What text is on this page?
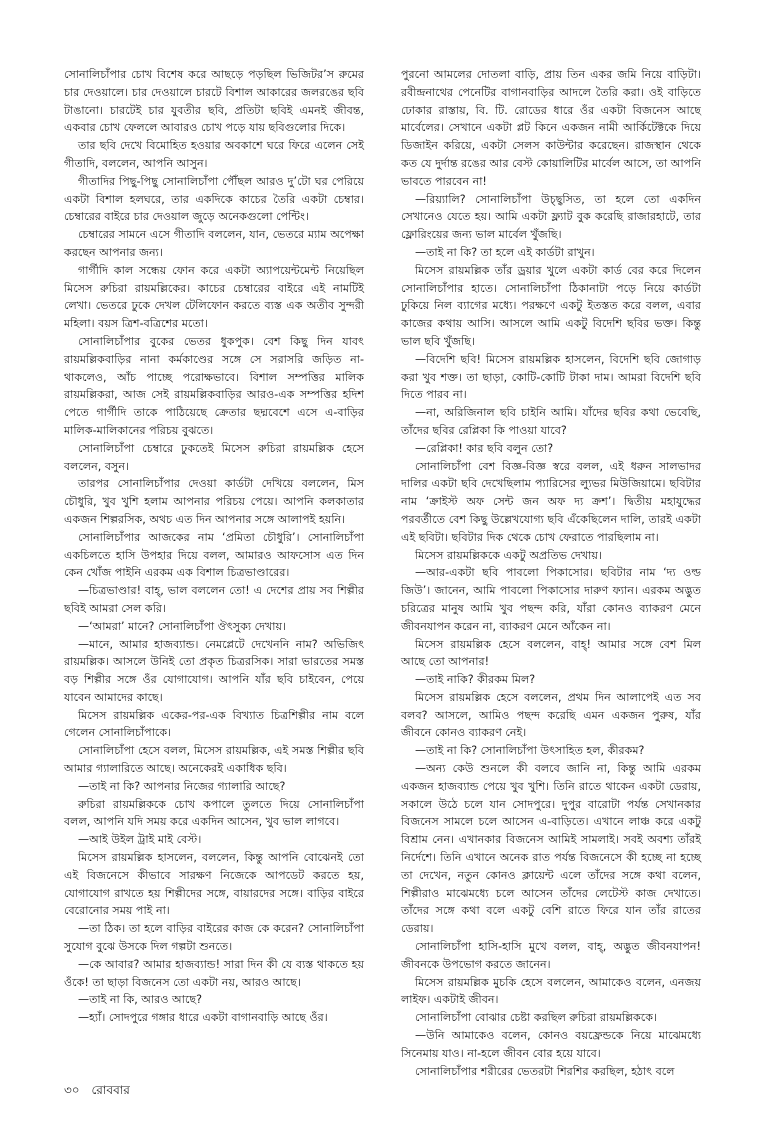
সোনালিচাঁপার চোখ বিশেষ করে আছড়ে পড়ছিল ভিজিটর’স রুমের চার দেওয়ালে। চার দেওয়ালে চারটে বিশাল আকারের জলরঙের ছবি টাঙানো। চারটেই চার যুবতীর ছবি, প্রতিটা ছবিই এমনই জীবন্ত, একবার চোখ ফেললে আবারও চোখ পড়ে যায় ছবিগুলোর দিকে।

তার ছবি দেখে বিমোহিত হওয়ার অবকাশে ঘরে ফিরে এলেন সেই গীতাদি, বললেন, আপনি আসুন।

গীতাদির পিছু-পিছু সোনালিচাঁপা পৌঁছল আরও দু’টো ঘর পেরিয়ে একটা বিশাল হলঘরে, তার একদিকে কাচের তৈরি একটা চেম্বার। চেম্বারের বাইরে চার দেওয়াল জুড়ে অনেকগুলো পেন্টিং।

চেম্বারের সামনে এসে গীতাদি বললেন, যান, ভেতরে ম্যাম অপেক্ষা করছেন আপনার জন্য।

গার্গীদি কাল সন্ধেয় ফোন করে একটা অ্যাপয়েন্টমেন্ট নিয়েছিল মিসেস রুচিরা রায়মল্লিকের। কাচের চেম্বারের বাইরে এই নামটিই লেখা। ভেতরে ঢুকে দেখল টেলিফোন করতে ব্যস্ত এক অতীব সুন্দরী মহিলা। বয়স ত্রিশ-বত্রিশের মতো।

সোনালিচাঁপার বুকের ভেতর ধুকপুক। বেশ কিছু দিন যাবৎ রায়মল্লিকবাড়ির নানা কর্মকাণ্ডের সঙ্গে সে সরাসরি জড়িত না-থাকলেও, আঁচ পাচ্ছে পরোক্ষভাবে। বিশাল সম্পত্তির মালিক রায়মল্লিকরা, আজ সেই রায়মল্লিকবাড়ির আরও-এক সম্পত্তির হদিশ পেতে গার্গীদি তাকে পাঠিয়েছে ক্রেতার ছদ্মবেশে এসে এ-বাড়ির মালিক-মালিকানের পরিচয় বুঝতে।

সোনালিচাঁপা চেম্বারে ঢুকতেই মিসেস রুচিরা রায়মল্লিক হেসে বললেন, বসুন।

তারপর সোনালিচাঁপার দেওয়া কার্ডটা দেখিয়ে বললেন, মিস চৌধুরি, খুব খুশি হলাম আপনার পরিচয় পেয়ে। আপনি কলকাতার একজন শিল্পরসিক, অথচ এত দিন আপনার সঙ্গে আলাপই হয়নি।

সোনালিচাঁপার আজকের নাম ‘প্রমিতা চৌধুরি’। সোনালিচাঁপা একচিলতে হাসি উপহার দিয়ে বলল, আমারও আফসোস এত দিন কেন খোঁজ পাইনি এরকম এক বিশাল চিত্রভাণ্ডারের।

—চিত্রভাণ্ডার! বাহ্, ভাল বললেন তো! এ দেশের প্রায় সব শিল্পীর ছবিই আমরা সেল করি।

—‘আমরা’ মানে? সোনালিচাঁপা ঔৎসুক্য দেখায়।

—মানে, আমার হাজব্যান্ড। নেমপ্লেটে দেখেননি নাম? অভিজিৎ রায়মল্লিক। আসলে উনিই তো প্রকৃত চিত্ররসিক। সারা ভারতের সমস্ত বড় শিল্পীর সঙ্গে ওঁর যোগাযোগ। আপনি যাঁর ছবি চাইবেন, পেয়ে যাবেন আমাদের কাছে।

মিসেস রায়মল্লিক একের-পর-এক বিখ্যাত চিত্রশিল্পীর নাম বলে গেলেন সোনালিচাঁপাকে।

সোনালিচাঁপা হেসে বলল, মিসেস রায়মল্লিক, এই সমস্ত শিল্পীর ছবি আমার গ্যালারিতে আছে। অনেকেরই একাধিক ছবি।

—তাই না কি? আপনার নিজের গ্যালারি আছে?

রুচিরা রায়মল্লিককে চোখ কপালে তুলতে দিয়ে সোনালিচাঁপা বলল, আপনি যদি সময় করে একদিন আসেন, খুব ভাল লাগবে।

—আই উইল ট্রাই মাই বেস্ট।

মিসেস রায়মল্লিক হাসলেন, বললেন, কিন্তু আপনি বোঝেনই তো এই বিজনেসে কীভাবে সারক্ষণ নিজেকে আপডেট করতে হয়, যোগাযোগ রাখতে হয় শিল্পীদের সঙ্গে, বায়ারদের সঙ্গে। বাড়ির বাইরে বেরোনোর সময় পাই না।

—তা ঠিক। তা হলে বাড়ির বাইরের কাজ কে করেন? সোনালিচাঁপা সুযোগ বুঝে উসকে দিল গল্পটা শুনতে।

—কে আবার? আমার হাজব্যান্ড! সারা দিন কী যে ব্যস্ত থাকতে হয় ওঁকে! তা ছাড়া বিজনেস তো একটা নয়, আরও আছে।

—তাই না কি, আরও আছে?

—হ্যাঁ। সোদপুরে গঙ্গার ধারে একটা বাগানবাড়ি আছে ওঁর।

পুরনো আমলের দোতলা বাড়ি, প্রায় তিন একর জমি নিয়ে বাড়িটা। রবীন্দ্রনাথের পেনেটির বাগানবাড়ির আদলে তৈরি করা। ওই বাড়িতে ঢোকার রাস্তায়, বি. টি. রোডের ধারে ওঁর একটা বিজনেস আছে মার্বেলের। সেখানে একটা প্লট কিনে একজন নামী আর্কিটেক্টকে দিয়ে ডিজাইন করিয়ে, একটা সেলস কাউন্টার করেছেন। রাজস্থান থেকে কত যে দুর্দান্ত রঙের আর বেস্ট কোয়ালিটির মার্বেল আসে, তা আপনি ভাবতে পারবেন না!

—রিয়্যালি? সোনালিচাঁপা উচ্ছ্বসিত, তা হলে তো একদিন সেখানেও যেতে হয়। আমি একটা ফ্ল্যাট বুক করেছি রাজারহাটে, তার ফ্লোরিংয়ের জন্য ভাল মার্বেল খুঁজছি।

—তাই না কি? তা হলে এই কার্ডটা রাখুন।

মিসেস রায়মল্লিক তাঁর ড্রয়ার খুলে একটা কার্ড বের করে দিলেন সোনালিচাঁপার হাতে। সোনালিচাঁপা ঠিকানাটা পড়ে নিয়ে কার্ডটা ঢুকিয়ে নিল ব্যাগের মধ্যে। পরক্ষণে একটু ইতস্তত করে বলল, এবার কাজের কথায় আসি। আসলে আমি একটু বিদেশি ছবির ভক্ত। কিন্তু ভাল ছবি খুঁজছি।

—বিদেশি ছবি! মিসেস রায়মল্লিক হাসলেন, বিদেশি ছবি জোগাড় করা খুব শক্ত। তা ছাড়া, কোটি-কোটি টাকা দাম। আমরা বিদেশি ছবি দিতে পারব না।

—না, অরিজিনাল ছবি চাইনি আমি। যাঁদের ছবির কথা ভেবেছি, তাঁদের ছবির রেপ্লিকা কি পাওয়া যাবে?

—রেপ্লিকা! কার ছবি বলুন তো?

সোনালিচাঁপা বেশ বিজ্ঞ-বিজ্ঞ স্বরে বলল, এই ধরুন সালভাদর দালির একটা ছবি দেখেছিলাম প্যারিসের ল্যুভর মিউজিয়ামে। ছবিটার নাম ‘ক্রাইস্ট অফ সেন্ট জন অফ দ্য ক্রশ’। দ্বিতীয় মহাযুদ্ধের পরবর্তীতে বেশ কিছু উল্লেখযোগ্য ছবি এঁকেছিলেন দালি, তারই একটা এই ছবিটা। ছবিটার দিক থেকে চোখ ফেরাতে পারছিলাম না।

মিসেস রায়মল্লিককে একটু অপ্রতিভ দেখায়।

—আর-একটা ছবি পাবলো পিকাসোর। ছবিটার নাম ‘দ্য ওল্ড জিউ’। জানেন, আমি পাবলো পিকাসোর দারুণ ফ্যান। এরকম অদ্ভুত চরিত্রের মানুষ আমি খুব পছন্দ করি, যাঁরা কোনও ব্যাকরণ মেনে জীবনযাপন করেন না, ব্যাকরণ মেনে আঁকেন না।

মিসেস রায়মল্লিক হেসে বললেন, বাহ্! আমার সঙ্গে বেশ মিল আছে তো আপনার!

—তাই নাকি? কীরকম মিল?

মিসেস রায়মল্লিক হেসে বললেন, প্রথম দিন আলাপেই এত সব বলব? আসলে, আমিও পছন্দ করেছি এমন একজন পুরুষ, যাঁর জীবনে কোনও ব্যাকরণ নেই।

—তাই না কি? সোনালিচাঁপা উৎসাহিত হল, কীরকম?

—অন্য কেউ শুনলে কী বলবে জানি না, কিন্তু আমি এরকম একজন হাজব্যান্ড পেয়ে খুব খুশি। তিনি রাতে থাকেন একটা ডেরায়, সকালে উঠে চলে যান সোদপুরে। দুপুর বারোটা পর্যন্ত সেখানকার বিজনেস সামলে চলে আসেন এ-বাড়িতে। এখানে লাঞ্চ করে একটু বিশ্রাম নেন। এখানকার বিজনেস আমিই সামলাই। সবই অবশ্য তাঁরই নির্দেশে। তিনি এখানে অনেক রাত পর্যন্ত বিজনেসে কী হচ্ছে না হচ্ছে তা দেখেন, নতুন কোনও ক্লায়েন্ট এলে তাঁদের সঙ্গে কথা বলেন, শিল্পীরাও মাঝেমধ্যে চলে আসেন তাঁদের লেটেস্ট কাজ দেখাতে। তাঁদের সঙ্গে কথা বলে একটু বেশি রাতে ফিরে যান তাঁর রাতের ডেরায়।

সোনালিচাঁপা হাসি-হাসি মুখে বলল, বাহ্, অদ্ভুত জীবনযাপন! জীবনকে উপভোগ করতে জানেন।

মিসেস রায়মল্লিক মুচকি হেসে বললেন, আমাকেও বলেন, এনজয় লাইফ। একটাই জীবন।

সোনালিচাঁপা বোঝার চেষ্টা করছিল রুচিরা রায়মল্লিককে।

—উনি আমাকেও বলেন, কোনও বয়ফ্রেন্ডকে নিয়ে মাঝেমধ্যে সিনেমায় যাও। না-হলে জীবন বোর হয়ে যাবে।

সোনালিচাঁপার শরীরের ভেতরটা শিরশির করছিল, হঠাৎ বলে

৩০ রোববার
